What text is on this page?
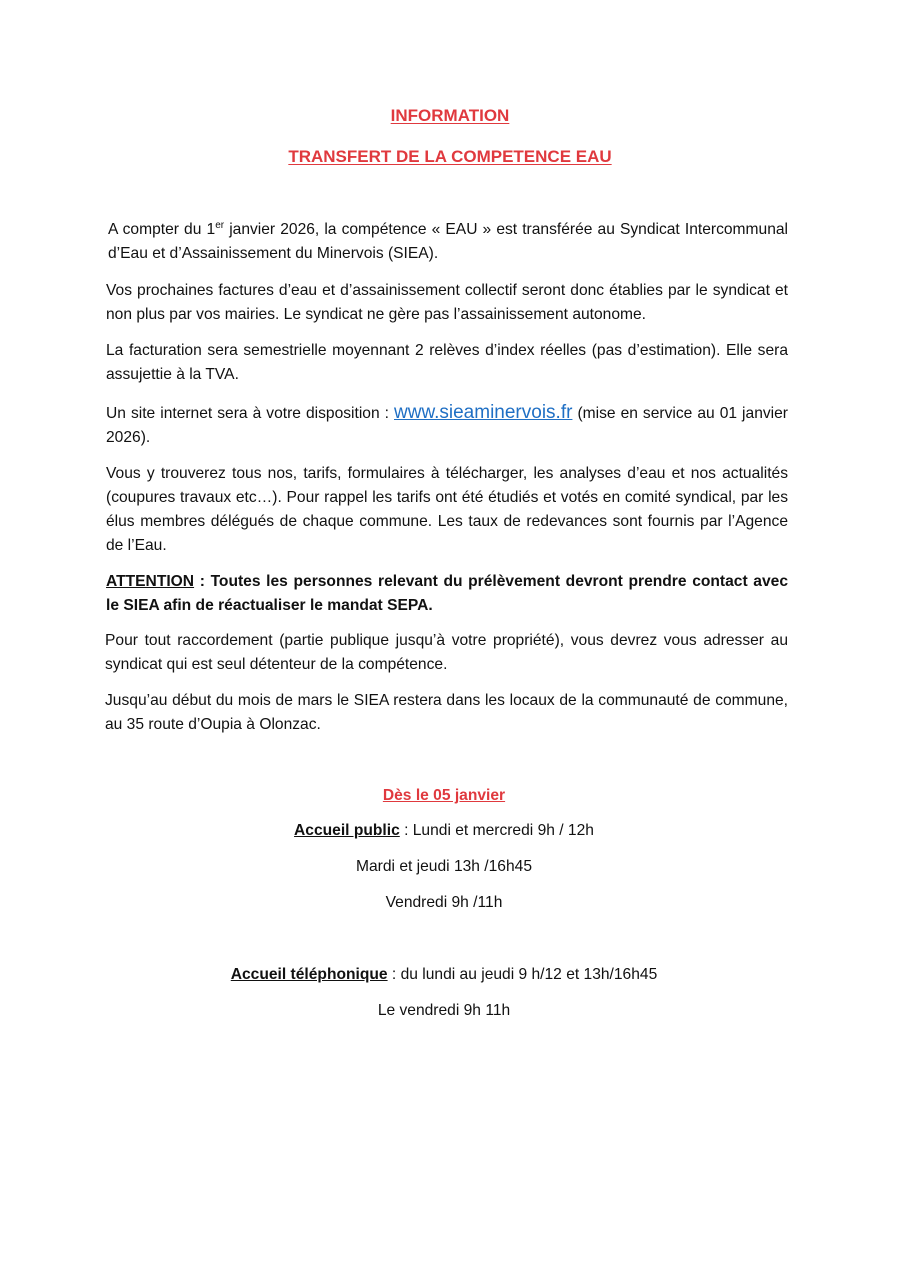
INFORMATION
TRANSFERT DE LA COMPETENCE EAU

A compter du 1er janvier 2026, la compétence « EAU » est transférée au Syndicat Intercommunal d’Eau et d’Assainissement du Minervois (SIEA).

Vos prochaines factures d’eau et d’assainissement collectif seront donc établies par le syndicat et non plus par vos mairies. Le syndicat ne gère pas l’assainissement autonome.

La facturation sera semestrielle moyennant 2 relèves d’index réelles (pas d’estimation). Elle sera assujettie à la TVA.

Un site internet sera à votre disposition : www.sieaminervois.fr (mise en service au 01 janvier 2026).

Vous y trouverez tous nos, tarifs, formulaires à télécharger, les analyses d’eau et nos actualités (coupures travaux etc…). Pour rappel les tarifs ont été étudiés et votés en comité syndical, par les élus membres délégués de chaque commune. Les taux de redevances sont fournis par l’Agence de l’Eau.

ATTENTION : Toutes les personnes relevant du prélèvement devront prendre contact avec le SIEA afin de réactualiser le mandat SEPA.

Pour tout raccordement (partie publique jusqu’à votre propriété), vous devrez vous adresser au syndicat qui est seul détenteur de la compétence.

Jusqu’au début du mois de mars le SIEA restera dans les locaux de la communauté de commune, au 35 route d’Oupia à Olonzac.

Dès le 05 janvier

Accueil public : Lundi et mercredi 9h / 12h

Mardi et jeudi 13h /16h45

Vendredi 9h /11h

Accueil téléphonique : du lundi au jeudi 9 h/12 et 13h/16h45

Le vendredi 9h 11h
